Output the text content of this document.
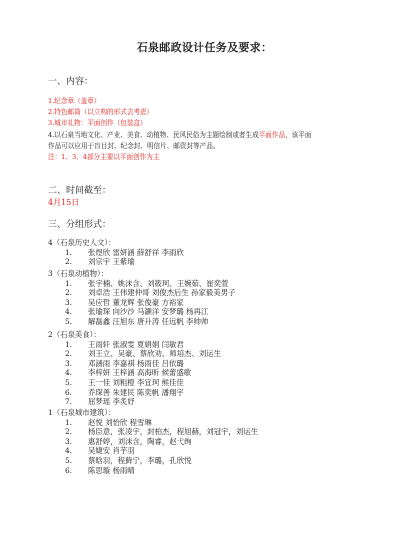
石泉邮政设计任务及要求：
一、内容：
1.纪念章（盖章）
2.特色邮筒（以立构的形式去考虑）
3.城市礼物：平面创作（包装盒）
4.以石泉当地文化、产业、美食、动植物、民风民俗为主题绘制或者生成平面作品，该平面
作品可以应用于盲目封、纪念封、明信片、邮资封等产品。
注：1、3、4部分主要以平面创作为主
二、时间截至：
4月15日
三、分组形式：
4（石泉历史人文）：
1. 张煜欣 雷妍涵 薛舒祥 李雨欣
2. 刘宗宇 王紫瑜
3（石泉动植物）：
1. 张宇楠、姚沫含、刘筱珂、王婉茹、崔奕萱
2. 刘卓浩 王伟建仲哥 刘俊杰后生 孙家毅美男子
3. 吴应哲 董龙辉 张俊豪 方裕家
4. 张瑜琛 向沙沙 马灏洋 安梦璐 杨再江
5. 解磊鑫 汪旭东 唐升涛 任远帆 李帅帅
2（石泉美食）：
1. 王雨轩 张淑雯 夏娟娟 闫敏君
2. 刘王立、吴豪、蔡欣劝、师培杰、刘运生
3. 邓涵雨 李嘉祺 杨雨佳 吕依璐
4. 李梓妍 王梓涵 高海昕 候蕾盛歌
5. 王一佳 刘粗橙 李宜珂 熊佳佳
6. 乔琛善 朱建民 陈奕帆 潘翔宇
7. 屈梦瑶 李炙妤
1（石泉城市建筑）：
1. 赵悦 刘怡欣 程雪琳
2. 杨臣意，张凌宇，封柏杰，程旭赫，刘冠宇，刘运生
3. 惠舒婷，刘沫含，陶睿，赵弋绚
4. 吴婕安 肖芋羽
5. 蔡晗羽，程藓宁，李璐，孔欣悦
6. 陈思璇 杨雨晴
